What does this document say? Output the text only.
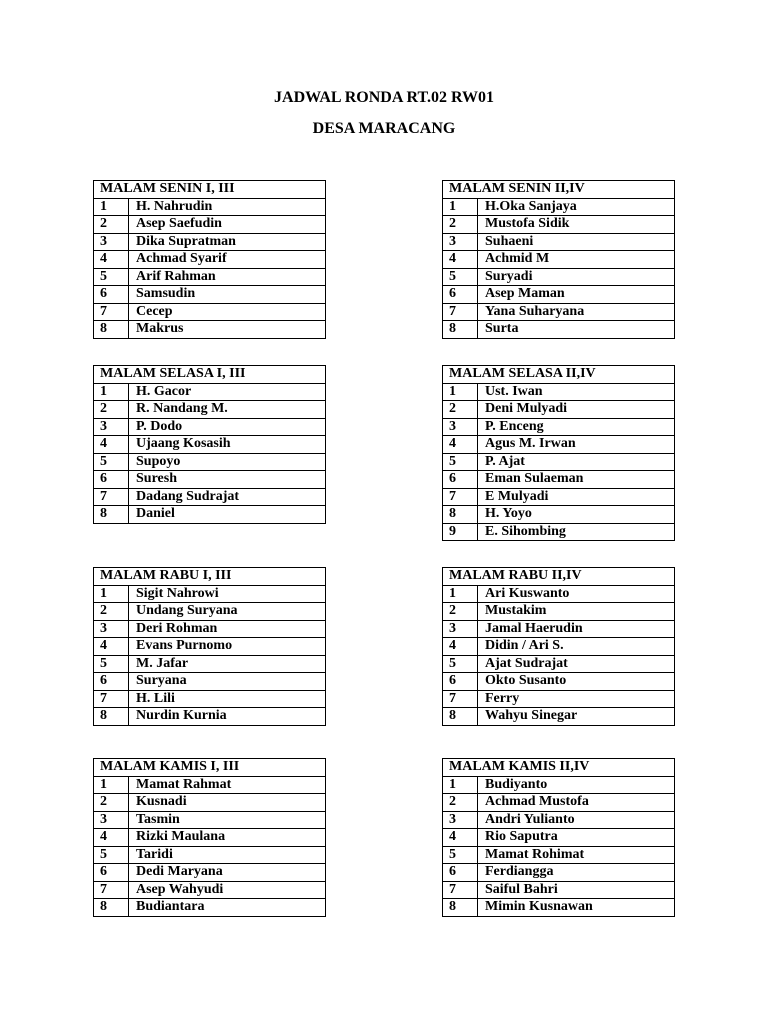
JADWAL RONDA RT.02 RW01
DESA MARACANG
MALAM SENIN I, III	
1	H. Nahrudin
2	Asep Saefudin
3	Dika Supratman
4	Achmad Syarif
5	Arif Rahman
6	Samsudin
7	Cecep
8	Makrus
MALAM SENIN II,IV	
1	H.Oka Sanjaya
2	Mustofa Sidik
3	Suhaeni
4	Achmid M
5	Suryadi
6	Asep Maman
7	Yana Suharyana
8	Surta
MALAM SELASA I, III	
1	H. Gacor
2	R. Nandang M.
3	P. Dodo
4	Ujaang Kosasih
5	Supoyo
6	Suresh
7	Dadang Sudrajat
8	Daniel
MALAM SELASA II,IV	
1	Ust. Iwan
2	Deni Mulyadi
3	P. Enceng
4	Agus M. Irwan
5	P. Ajat
6	Eman Sulaeman
7	E Mulyadi
8	H. Yoyo
9	E. Sihombing
MALAM RABU I, III	
1	Sigit Nahrowi
2	Undang Suryana
3	Deri Rohman
4	Evans Purnomo
5	M. Jafar
6	Suryana
7	H. Lili
8	Nurdin Kurnia
MALAM RABU II,IV	
1	Ari Kuswanto
2	Mustakim
3	Jamal Haerudin
4	Didin / Ari S.
5	Ajat Sudrajat
6	Okto Susanto
7	Ferry
8	Wahyu Sinegar
MALAM KAMIS I, III	
1	Mamat Rahmat
2	Kusnadi
3	Tasmin
4	Rizki Maulana
5	Taridi
6	Dedi Maryana
7	Asep Wahyudi
8	Budiantara
MALAM KAMIS II,IV	
1	Budiyanto
2	Achmad Mustofa
3	Andri Yulianto
4	Rio Saputra
5	Mamat Rohimat
6	Ferdiangga
7	Saiful Bahri
8	Mimin Kusnawan
